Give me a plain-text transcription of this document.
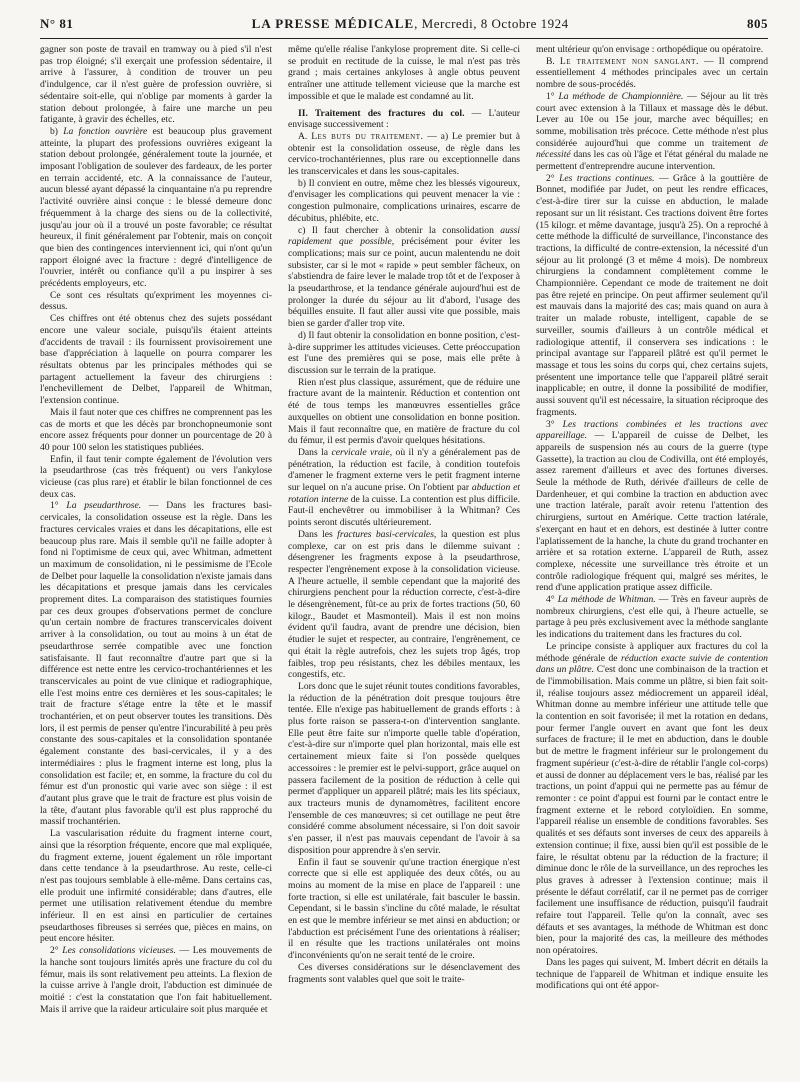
N° 81	LA PRESSE MÉDICALE, Mercredi, 8 Octobre 1924	805

gagner son poste de travail en tramway ou à pied s'il n'est pas trop éloigné; s'il exerçait une profession sédentaire, il arrive à l'assurer, à condition de trouver un peu d'indulgence, car il n'est guère de profession ouvrière, si sédentaire soit-elle, qui n'oblige par moments à garder la station debout prolongée, à faire une marche un peu fatigante, à gravir des échelles, etc.

b) La fonction ouvrière est beaucoup plus gravement atteinte, la plupart des professions ouvrières exigeant la station debout prolongée, généralement toute la journée, et imposant l'obligation de soulever des fardeaux, de les porter en terrain accidenté, etc. A la connaissance de l'auteur, aucun blessé ayant dépassé la cinquantaine n'a pu reprendre l'activité ouvrière ainsi conçue : le blessé demeure donc fréquemment à la charge des siens ou de la collectivité, jusqu'au jour où il a trouvé un poste favorable; ce résultat heureux, il finit généralement par l'obtenir, mais on conçoit que bien des contingences interviennent ici, qui n'ont qu'un rapport éloigné avec la fracture : degré d'intelligence de l'ouvrier, intérêt ou confiance qu'il a pu inspirer à ses précédents employeurs, etc.

Ce sont ces résultats qu'expriment les moyennes ci-dessus.

Ces chiffres ont été obtenus chez des sujets possédant encore une valeur sociale, puisqu'ils étaient atteints d'accidents de travail : ils fournissent provisoirement une base d'appréciation à laquelle on pourra comparer les résultats obtenus par les principales méthodes qui se partagent actuellement la faveur des chirurgiens : l'enchevillement de Delbet, l'appareil de Whitman, l'extension continue.

Mais il faut noter que ces chiffres ne comprennent pas les cas de morts et que les décès par bronchopneumonie sont encore assez fréquents pour donner un pourcentage de 20 à 40 pour 100 selon les statistiques publiées.

Enfin, il faut tenir compte également de l'évolution vers la pseudarthrose (cas très fréquent) ou vers l'ankylose vicieuse (cas plus rare) et établir le bilan fonctionnel de ces deux cas.

1° La pseudarthrose. — Dans les fractures basi-cervicales, la consolidation osseuse est la règle. Dans les fractures cervicales vraies et dans les décapitations, elle est beaucoup plus rare. Mais il semble qu'il ne faille adopter à fond ni l'optimisme de ceux qui, avec Whitman, admettent un maximum de consolidation, ni le pessimisme de l'Ecole de Delbet pour laquelle la consolidation n'existe jamais dans les décapitations et presque jamais dans les cervicales proprement dites. La comparaison des statistiques fournies par ces deux groupes d'observations permet de conclure qu'un certain nombre de fractures transcervicales doivent arriver à la consolidation, ou tout au moins à un état de pseudarthrose serrée compatible avec une fonction satisfaisante. Il faut reconnaître d'autre part que si la différence est nette entre les cervico-trochantériennes et les transcervicales au point de vue clinique et radiographique, elle l'est moins entre ces dernières et les sous-capitales; le trait de fracture s'étage entre la tête et le massif trochantérien, et on peut observer toutes les transitions. Dès lors, il est permis de penser qu'entre l'incurabilité à peu près constante des sous-capitales et la consolidation spontanée également constante des basi-cervicales, il y a des intermédiaires : plus le fragment interne est long, plus la consolidation est facile; et, en somme, la fracture du col du fémur est d'un pronostic qui varie avec son siège : il est d'autant plus grave que le trait de fracture est plus voisin de la tête, d'autant plus favorable qu'il est plus rapproché du massif trochantérien.

La vascularisation réduite du fragment interne court, ainsi que la résorption fréquente, encore que mal expliquée, du fragment externe, jouent également un rôle important dans cette tendance à la pseudarthrose. Au reste, celle-ci n'est pas toujours semblable à elle-même. Dans certains cas, elle produit une infirmité considérable; dans d'autres, elle permet une utilisation relativement étendue du membre inférieur. Il en est ainsi en particulier de certaines pseudarthoses fibreuses si serrées que, pièces en mains, on peut encore hésiter.

2° Les consolidations vicieuses. — Les mouvements de la hanche sont toujours limités après une fracture du col du fémur, mais ils sont relativement peu atteints. La flexion de la cuisse arrive à l'angle droit, l'abduction est diminuée de moitié : c'est la constatation que l'on fait habituellement. Mais il arrive que la raideur articulaire soit plus marquée et

même qu'elle réalise l'ankylose proprement dite. Si celle-ci se produit en rectitude de la cuisse, le mal n'est pas très grand ; mais certaines ankyloses à angle obtus peuvent entraîner une attitude tellement vicieuse que la marche est impossible et que le malade est condamné au lit.

II. Traitement des fractures du col. — L'auteur envisage successivement :

A. Les buts du traitement. — a) Le premier but à obtenir est la consolidation osseuse, de règle dans les cervico-trochantériennes, plus rare ou exceptionnelle dans les transcervicales et dans les sous-capitales.

b) Il convient en outre, même chez les blessés vigoureux, d'envisager les complications qui peuvent menacer la vie : congestion pulmonaire, complications urinaires, escarre de décubitus, phlébite, etc.

c) Il faut chercher à obtenir la consolidation aussi rapidement que possible, précisément pour éviter les complications; mais sur ce point, aucun malentendu ne doit subsister, car si le mot « rapide » peut sembler fâcheux, on s'abstiendra de faire lever le malade trop tôt et de l'exposer à la pseudarthrose, et la tendance générale aujourd'hui est de prolonger la durée du séjour au lit d'abord, l'usage des béquilles ensuite. Il faut aller aussi vite que possible, mais bien se garder d'aller trop vite.

d) Il faut obtenir la consolidation en bonne position, c'est-à-dire supprimer les attitudes vicieuses. Cette préoccupation est l'une des premières qui se pose, mais elle prête à discussion sur le terrain de la pratique.

Rien n'est plus classique, assurément, que de réduire une fracture avant de la maintenir. Réduction et contention ont été de tous temps les manœuvres essentielles grâce auxquelles on obtient une consolidation en bonne position. Mais il faut reconnaître que, en matière de fracture du col du fémur, il est permis d'avoir quelques hésitations.

Dans la cervicale vraie, où il n'y a généralement pas de pénétration, la réduction est facile, à condition toutefois d'amener le fragment externe vers le petit fragment interne sur lequel on n'a aucune prise. On l'obtient par abduction et rotation interne de la cuisse. La contention est plus difficile. Faut-il enchevêtrer ou immobiliser à la Whitman? Ces points seront discutés ultérieurement.

Dans les fractures basi-cervicales, la question est plus complexe, car on est pris dans le dilemme suivant : désengrener les fragments expose à la pseudarthrose, respecter l'engrènement expose à la consolidation vicieuse. A l'heure actuelle, il semble cependant que la majorité des chirurgiens penchent pour la réduction correcte, c'est-à-dire le désengrènement, fût-ce au prix de fortes tractions (50, 60 kilogr., Baudet et Masmonteil). Mais il est non moins évident qu'il faudra, avant de prendre une décision, bien étudier le sujet et respecter, au contraire, l'engrènement, ce qui était la règle autrefois, chez les sujets trop âgés, trop faibles, trop peu résistants, chez les débiles mentaux, les congestifs, etc.

Lors donc que le sujet réunit toutes conditions favorables, la réduction de la pénétration doit presque toujours être tentée. Elle n'exige pas habituellement de grands efforts : à plus forte raison se passera-t-on d'intervention sanglante. Elle peut être faite sur n'importe quelle table d'opération, c'est-à-dire sur n'importe quel plan horizontal, mais elle est certainement mieux faite si l'on possède quelques accessoires : le premier est le pelvi-support, grâce auquel on passera facilement de la position de réduction à celle qui permet d'appliquer un appareil plâtré; mais les lits spéciaux, aux tracteurs munis de dynamomètres, facilitent encore l'ensemble de ces manœuvres; si cet outillage ne peut être considéré comme absolument nécessaire, si l'on doit savoir s'en passer, il n'est pas mauvais cependant de l'avoir à sa disposition pour apprendre à s'en servir.

Enfin il faut se souvenir qu'une traction énergique n'est correcte que si elle est appliquée des deux côtés, ou au moins au moment de la mise en place de l'appareil : une forte traction, si elle est unilatérale, fait basculer le bassin. Cependant, si le bassin s'incline du côté malade, le résultat en est que le membre inférieur se met ainsi en abduction; or l'abduction est précisément l'une des orientations à réaliser; il en résulte que les tractions unilatérales ont moins d'inconvénients qu'on ne serait tenté de le croire.

Ces diverses considérations sur le désenclavement des fragments sont valables quel que soit le traite-

ment ultérieur qu'on envisage : orthopédique ou opératoire.

B. Le traitement non sanglant. — Il comprend essentiellement 4 méthodes principales avec un certain nombre de sous-procédés.

1° La méthode de Championnière. — Séjour au lit très court avec extension à la Tillaux et massage dès le début. Lever au 10e ou 15e jour, marche avec béquilles; en somme, mobilisation très précoce. Cette méthode n'est plus considérée aujourd'hui que comme un traitement de nécessité dans les cas où l'âge et l'état général du malade ne permettent d'entreprendre aucune intervention.

2° Les tractions continues. — Grâce à la gouttière de Bonnet, modifiée par Judet, on peut les rendre efficaces, c'est-à-dire tirer sur la cuisse en abduction, le malade reposant sur un lit résistant. Ces tractions doivent être fortes (15 kilogr. et même davantage, jusqu'à 25). On a reproché à cette méthode la difficulté de surveillance, l'inconstance des tractions, la difficulté de contre-extension, la nécessité d'un séjour au lit prolongé (3 et même 4 mois). De nombreux chirurgiens la condamnent complètement comme le Championnière. Cependant ce mode de traitement ne doit pas être rejeté en principe. On peut affirmer seulement qu'il est mauvais dans la majorité des cas; mais quand on aura à traiter un malade robuste, intelligent, capable de se surveiller, soumis d'ailleurs à un contrôle médical et radiologique attentif, il conservera ses indications : le principal avantage sur l'appareil plâtré est qu'il permet le massage et tous les soins du corps qui, chez certains sujets, présentent une importance telle que l'appareil plâtré serait inapplicable; en outre, il donne la possibilité de modifier, aussi souvent qu'il est nécessaire, la situation réciproque des fragments.

3° Les tractions combinées et les tractions avec appareillage. — L'appareil de cuisse de Delbet, les appareils de suspension nés au cours de la guerre (type Gassette), la traction au clou de Codivilla, ont été employés, assez rarement d'ailleurs et avec des fortunes diverses. Seule la méthode de Ruth, dérivée d'ailleurs de celle de Dardenheuer, et qui combine la traction en abduction avec une traction latérale, paraît avoir retenu l'attention des chirurgiens, surtout en Amérique. Cette traction latérale, s'exerçant en haut et en dehors, est destinée à lutter contre l'aplatissement de la hanche, la chute du grand trochanter en arrière et sa rotation externe. L'appareil de Ruth, assez complexe, nécessite une surveillance très étroite et un contrôle radiologique fréquent qui, malgré ses mérites, le rend d'une application pratique assez difficile.

4° La méthode de Whitman. — Très en faveur auprès de nombreux chirurgiens, c'est elle qui, à l'heure actuelle, se partage à peu près exclusivement avec la méthode sanglante les indications du traitement dans les fractures du col.

Le principe consiste à appliquer aux fractures du col la méthode générale de réduction exacte suivie de contention dans un plâtre. C'est donc une combinaison de la traction et de l'immobilisation. Mais comme un plâtre, si bien fait soit-il, réalise toujours assez médiocrement un appareil idéal, Whitman donne au membre inférieur une attitude telle que la contention en soit favorisée; il met la rotation en dedans, pour fermer l'angle ouvert en avant que font les deux surfaces de fracture; il le met en abduction, dans le double but de mettre le fragment inférieur sur le prolongement du fragment supérieur (c'est-à-dire de rétablir l'angle col-corps) et aussi de donner au déplacement vers le bas, réalisé par les tractions, un point d'appui qui ne permette pas au fémur de remonter : ce point d'appui est fourni par le contact entre le fragment externe et le rebord cotyloïdien. En somme, l'appareil réalise un ensemble de conditions favorables. Ses qualités et ses défauts sont inverses de ceux des appareils à extension continue; il fixe, aussi bien qu'il est possible de le faire, le résultat obtenu par la réduction de la fracture; il diminue donc le rôle de la surveillance, un des reproches les plus graves à adresser à l'extension continue; mais il présente le défaut corrélatif, car il ne permet pas de corriger facilement une insuffisance de réduction, puisqu'il faudrait refaire tout l'appareil. Telle qu'on la connaît, avec ses défauts et ses avantages, la méthode de Whitman est donc bien, pour la majorité des cas, la meilleure des méthodes non opératoires.

Dans les pages qui suivent, M. Imbert décrit en détails la technique de l'appareil de Whitman et indique ensuite les modifications qui ont été appor-
